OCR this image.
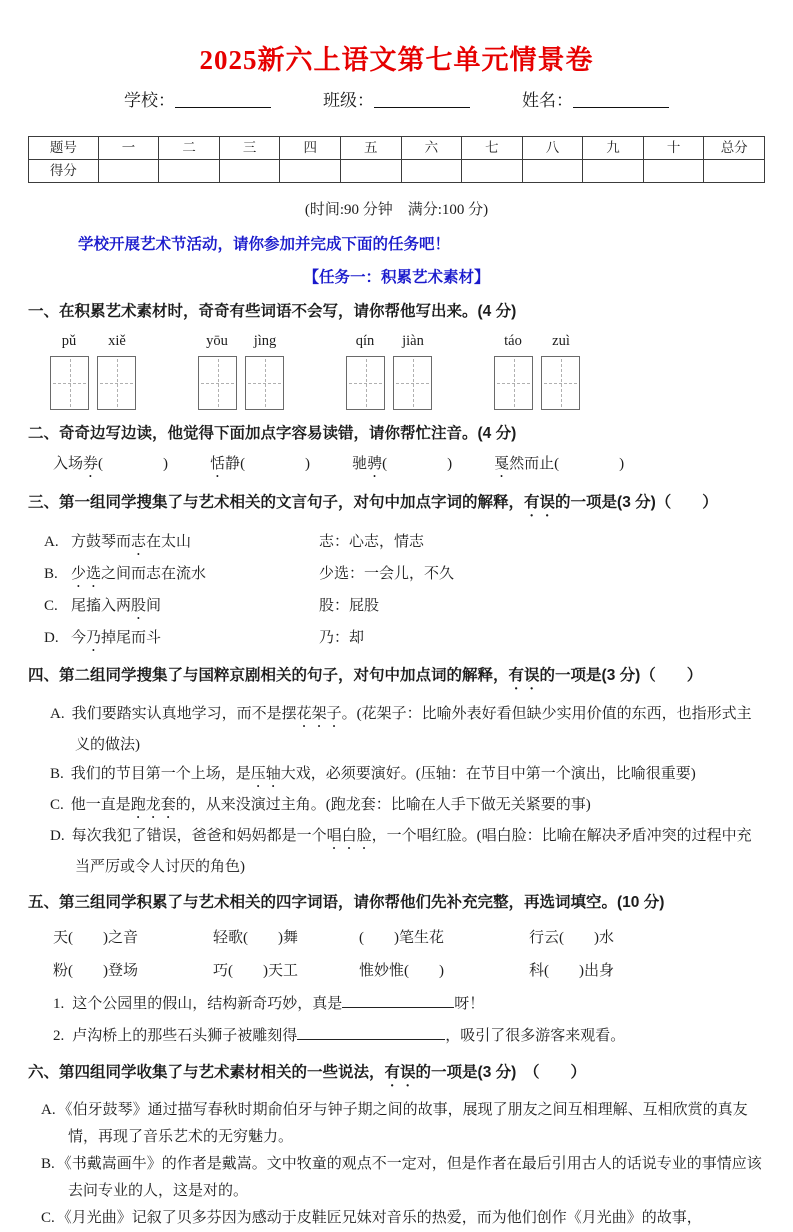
2025新六上语文第七单元情景卷
学校：	班级：	姓名：
题号	一	二	三	四	五	六	七	八	九	十	总分
得分											
(时间:90 分钟　满分:100 分)
学校开展艺术节活动，请你参加并完成下面的任务吧！
【任务一：积累艺术素材】
一、在积累艺术素材时，奇奇有些词语不会写，请你帮他写出来。(4 分)
pǔ	xiě	yōu	jìng	qín	jiàn	táo	zuì
二、奇奇边写边读，他觉得下面加点字容易读错，请你帮忙注音。(4 分)
入场券(　　　　)	恬静(　　　　)	驰骋(　　　　)	戛然而止(　　　　)
三、第一组同学搜集了与艺术相关的文言句子，对句中加点字词的解释，有误的一项是(3 分)（　　）
A. 方鼓琴而志在太山	志：心志，情志
B. 少选之间而志在流水	少选：一会儿，不久
C. 尾搐入两股间	股：屁股
D. 今乃掉尾而斗	乃：却
四、第二组同学搜集了与国粹京剧相关的句子，对句中加点词的解释，有误的一项是(3 分)（　　）

A. 我们要踏实认真地学习，而不是摆花架子。(花架子：比喻外表好看但缺少实用价值的东西，也指形式主义的做法)

B. 我们的节目第一个上场，是压轴大戏，必须要演好。(压轴：在节目中第一个演出，比喻很重要)

C. 他一直是跑龙套的，从来没演过主角。(跑龙套：比喻在人手下做无关紧要的事)

D. 每次我犯了错误，爸爸和妈妈都是一个唱白脸，一个唱红脸。(唱白脸：比喻在解决矛盾冲突的过程中充当严厉或令人讨厌的角色)

五、第三组同学积累了与艺术相关的四字词语，请你帮他们先补充完整，再选词填空。(10 分)
天(　　)之音	轻歌(　　)舞	(　　)笔生花	行云(　　)水
粉(　　)登场	巧(　　)天工	惟妙惟(　　)	科(　　)出身
1. 这个公园里的假山，结构新奇巧妙，真是	呀！
2. 卢沟桥上的那些石头狮子被雕刻得	，吸引了很多游客来观看。
六、第四组同学收集了与艺术素材相关的一些说法，有误的一项是(3 分)　（　　）

A. 《伯牙鼓琴》通过描写春秋时期俞伯牙与钟子期之间的故事，展现了朋友之间互相理解、互相欣赏的真友情，再现了音乐艺术的无穷魅力。

B. 《书戴嵩画牛》的作者是戴嵩。文中牧童的观点不一定对，但是作者在最后引用古人的话说专业的事情应该去问专业的人，这是对的。

C. 《月光曲》记叙了贝多芬因为感动于皮鞋匠兄妹对音乐的热爱，而为他们创作《月光曲》的故事，
